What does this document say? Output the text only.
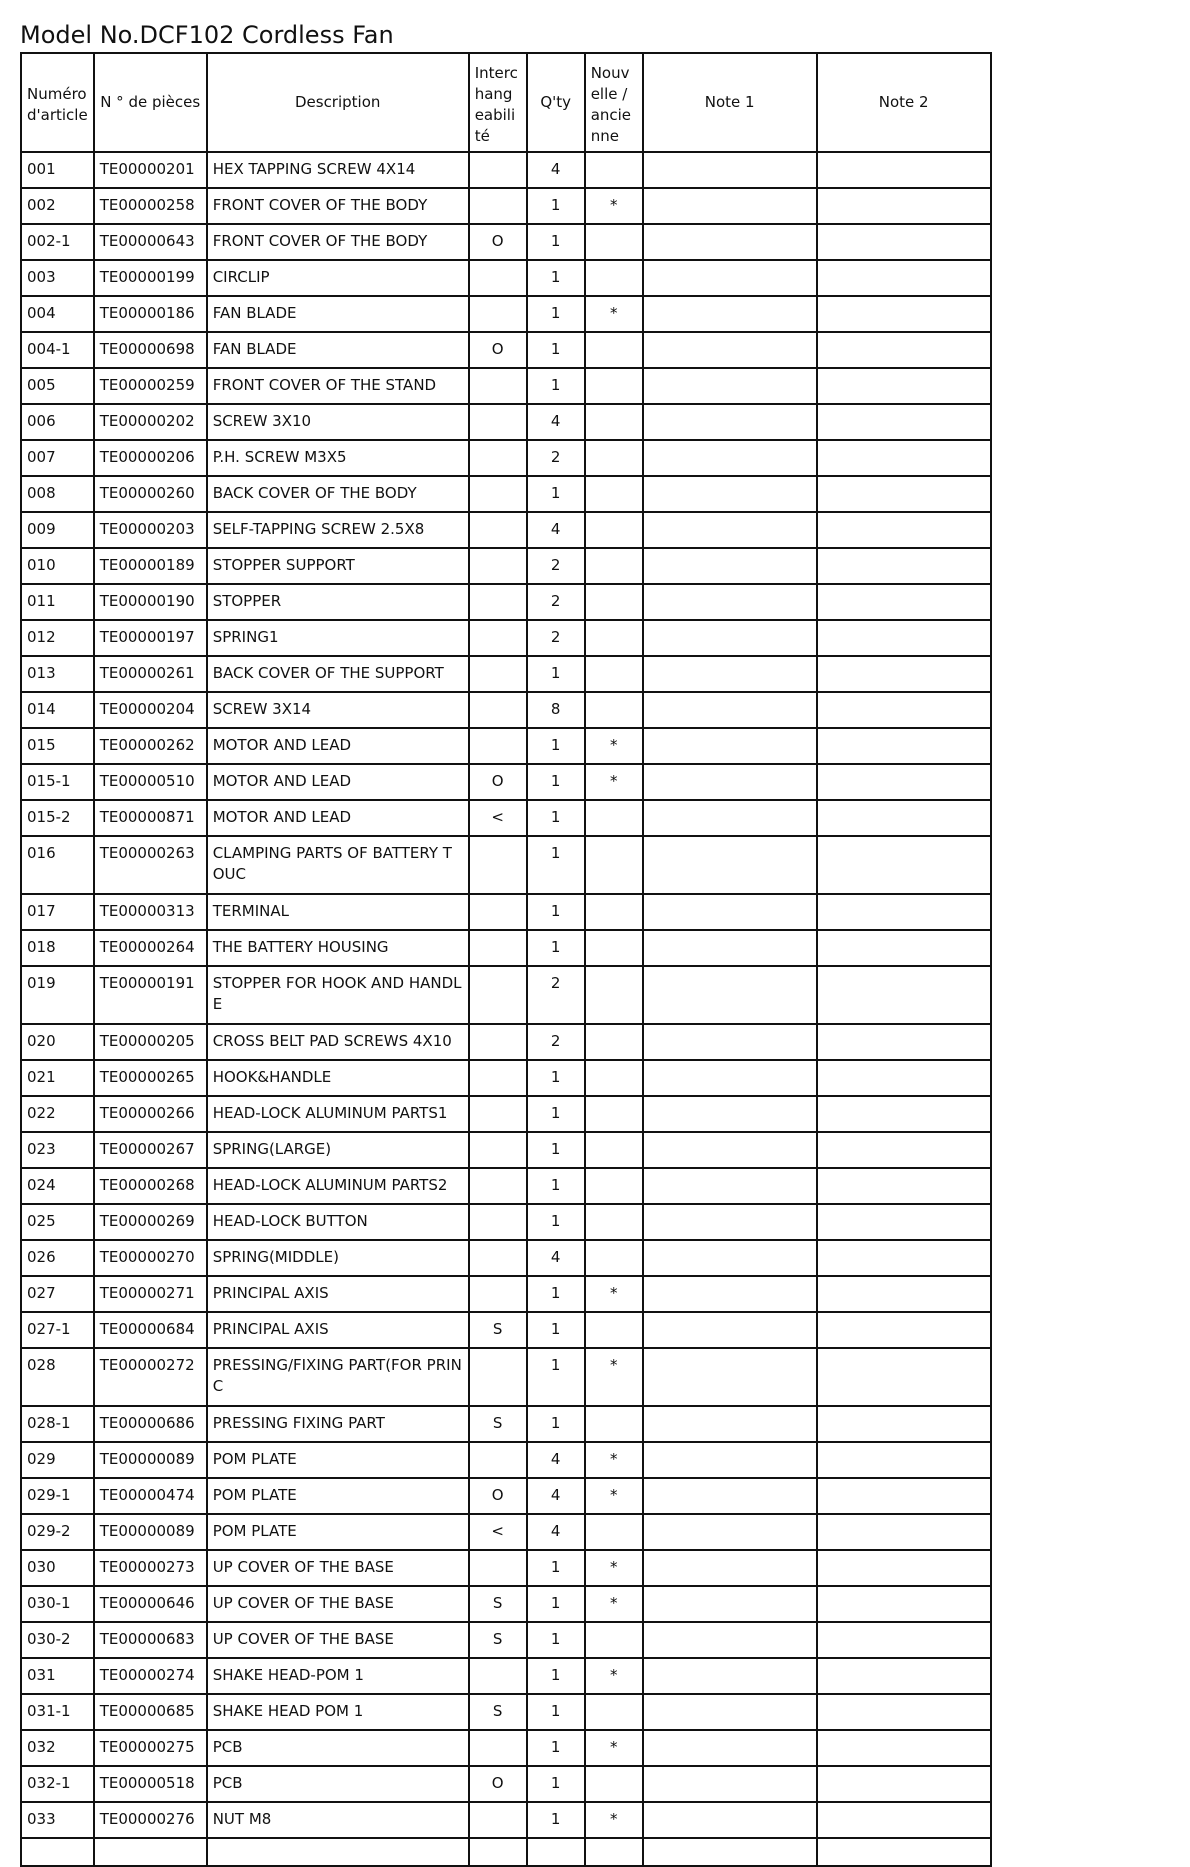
Model No.DCF102 Cordless Fan
Numéro d'article	N ° de pièces	Description	Interchangeabilité	Q'ty	Nouvelle / ancienne	Note 1	Note 2
001	TE00000201	HEX TAPPING SCREW 4X14		4			
002	TE00000258	FRONT COVER OF THE BODY		1	*		
002-1	TE00000643	FRONT COVER OF THE BODY	O	1			
003	TE00000199	CIRCLIP		1			
004	TE00000186	FAN BLADE		1	*		
004-1	TE00000698	FAN BLADE	O	1			
005	TE00000259	FRONT COVER OF THE STAND		1			
006	TE00000202	SCREW 3X10		4			
007	TE00000206	P.H. SCREW M3X5		2			
008	TE00000260	BACK COVER OF THE BODY		1			
009	TE00000203	SELF-TAPPING SCREW 2.5X8		4			
010	TE00000189	STOPPER SUPPORT		2			
011	TE00000190	STOPPER		2			
012	TE00000197	SPRING1		2			
013	TE00000261	BACK COVER OF THE SUPPORT		1			
014	TE00000204	SCREW 3X14		8			
015	TE00000262	MOTOR AND LEAD		1	*		
015-1	TE00000510	MOTOR AND LEAD	O	1	*		
015-2	TE00000871	MOTOR AND LEAD	<	1			
016	TE00000263	CLAMPING PARTS OF BATTERY TOUC		1			
017	TE00000313	TERMINAL		1			
018	TE00000264	THE BATTERY HOUSING		1			
019	TE00000191	STOPPER FOR HOOK AND HANDLE		2			
020	TE00000205	CROSS BELT PAD SCREWS 4X10		2			
021	TE00000265	HOOK&HANDLE		1			
022	TE00000266	HEAD-LOCK ALUMINUM PARTS1		1			
023	TE00000267	SPRING(LARGE)		1			
024	TE00000268	HEAD-LOCK ALUMINUM PARTS2		1			
025	TE00000269	HEAD-LOCK BUTTON		1			
026	TE00000270	SPRING(MIDDLE)		4			
027	TE00000271	PRINCIPAL AXIS		1	*		
027-1	TE00000684	PRINCIPAL AXIS	S	1			
028	TE00000272	PRESSING/FIXING PART(FOR PRINC		1	*		
028-1	TE00000686	PRESSING FIXING PART	S	1			
029	TE00000089	POM PLATE		4	*		
029-1	TE00000474	POM PLATE	O	4	*		
029-2	TE00000089	POM PLATE	<	4			
030	TE00000273	UP COVER OF THE BASE		1	*		
030-1	TE00000646	UP COVER OF THE BASE	S	1	*		
030-2	TE00000683	UP COVER OF THE BASE	S	1			
031	TE00000274	SHAKE HEAD-POM 1		1	*		
031-1	TE00000685	SHAKE HEAD POM 1	S	1			
032	TE00000275	PCB		1	*		
032-1	TE00000518	PCB	O	1			
033	TE00000276	NUT M8		1	*		
